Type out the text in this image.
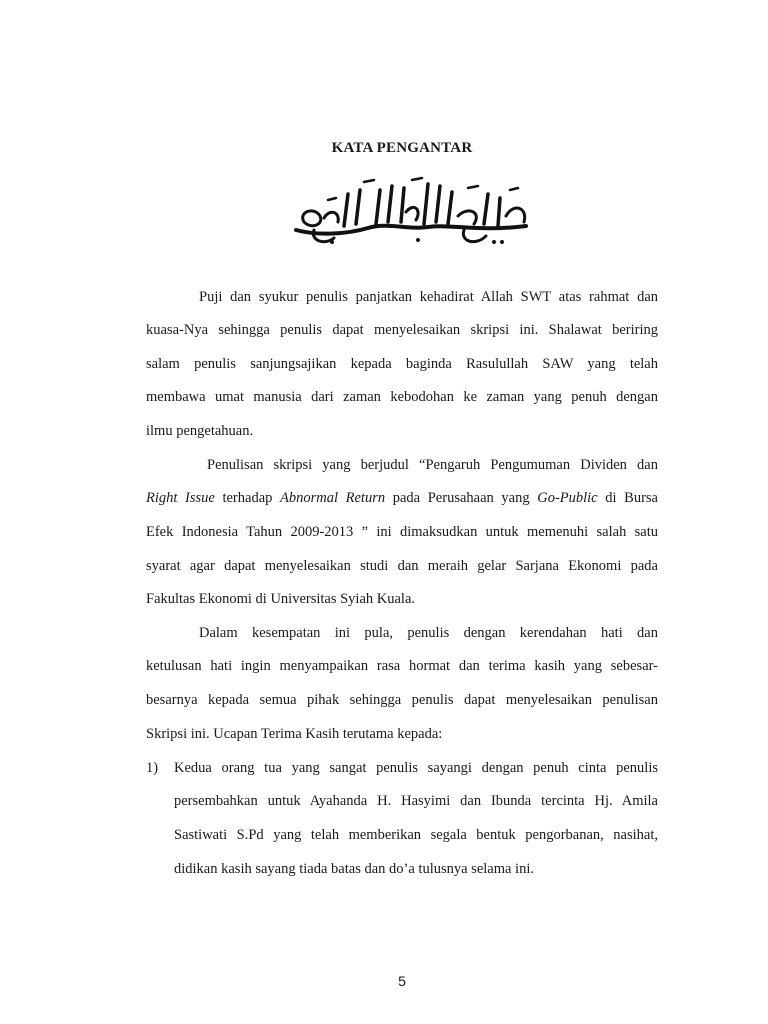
KATA PENGANTAR
Puji dan syukur penulis panjatkan kehadirat Allah SWT atas rahmat dan
kuasa-Nya sehingga penulis dapat menyelesaikan skripsi ini. Shalawat beriring
salam penulis sanjungsajikan kepada baginda Rasulullah SAW yang telah
membawa umat manusia dari zaman kebodohan ke zaman yang penuh dengan
ilmu pengetahuan.
Penulisan skripsi yang berjudul “Pengaruh Pengumuman Dividen dan
Right Issue terhadap Abnormal Return pada Perusahaan yang Go-Public di Bursa
Efek Indonesia Tahun 2009-2013 ” ini dimaksudkan untuk memenuhi salah satu
syarat agar dapat menyelesaikan studi dan meraih gelar Sarjana Ekonomi pada
Fakultas Ekonomi di Universitas Syiah Kuala.
Dalam kesempatan ini pula, penulis dengan kerendahan hati dan
ketulusan hati ingin menyampaikan rasa hormat dan terima kasih yang sebesar-
besarnya kepada semua pihak sehingga penulis dapat menyelesaikan penulisan
Skripsi ini. Ucapan Terima Kasih terutama kepada:
1) Kedua orang tua yang sangat penulis sayangi dengan penuh cinta penulis
persembahkan untuk Ayahanda H. Hasyimi dan Ibunda tercinta Hj. Amila
Sastiwati S.Pd yang telah memberikan segala bentuk pengorbanan, nasihat,
didikan kasih sayang tiada batas dan do’a tulusnya selama ini.
5
